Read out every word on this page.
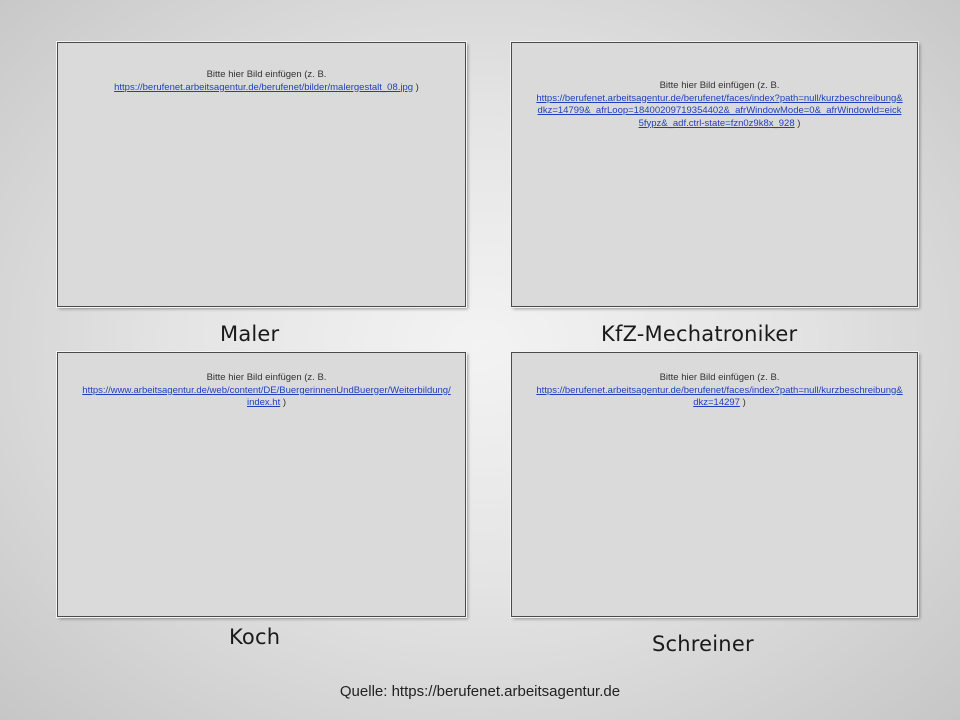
Bitte hier Bild einfügen (z. B.
https://berufenet.arbeitsagentur.de/berufenet/bilder/malergestalt_08.jpg )	Bitte hier Bild einfügen (z. B.
https://berufenet.arbeitsagentur.de/berufenet/faces/index?path=null/kurzbeschreibung&dkz=14799&_afrLoop=18400209719354402&_afrWindowMode=0&_afrWindowId=eick5fypz&_adf.ctrl-state=fzn0z9k8x_928 )
Bitte hier Bild einfügen (z. B.
https://www.arbeitsagentur.de/web/content/DE/BuergerinnenUndBuerger/Weiterbildung/index.ht )
Bitte hier Bild einfügen (z. B.
https://berufenet.arbeitsagentur.de/berufenet/faces/index?path=null/kurzbeschreibung&dkz=14297 )
Maler	KfZ-Mechatroniker
Koch	Schreiner
Quelle: https://berufenet.arbeitsagentur.de
